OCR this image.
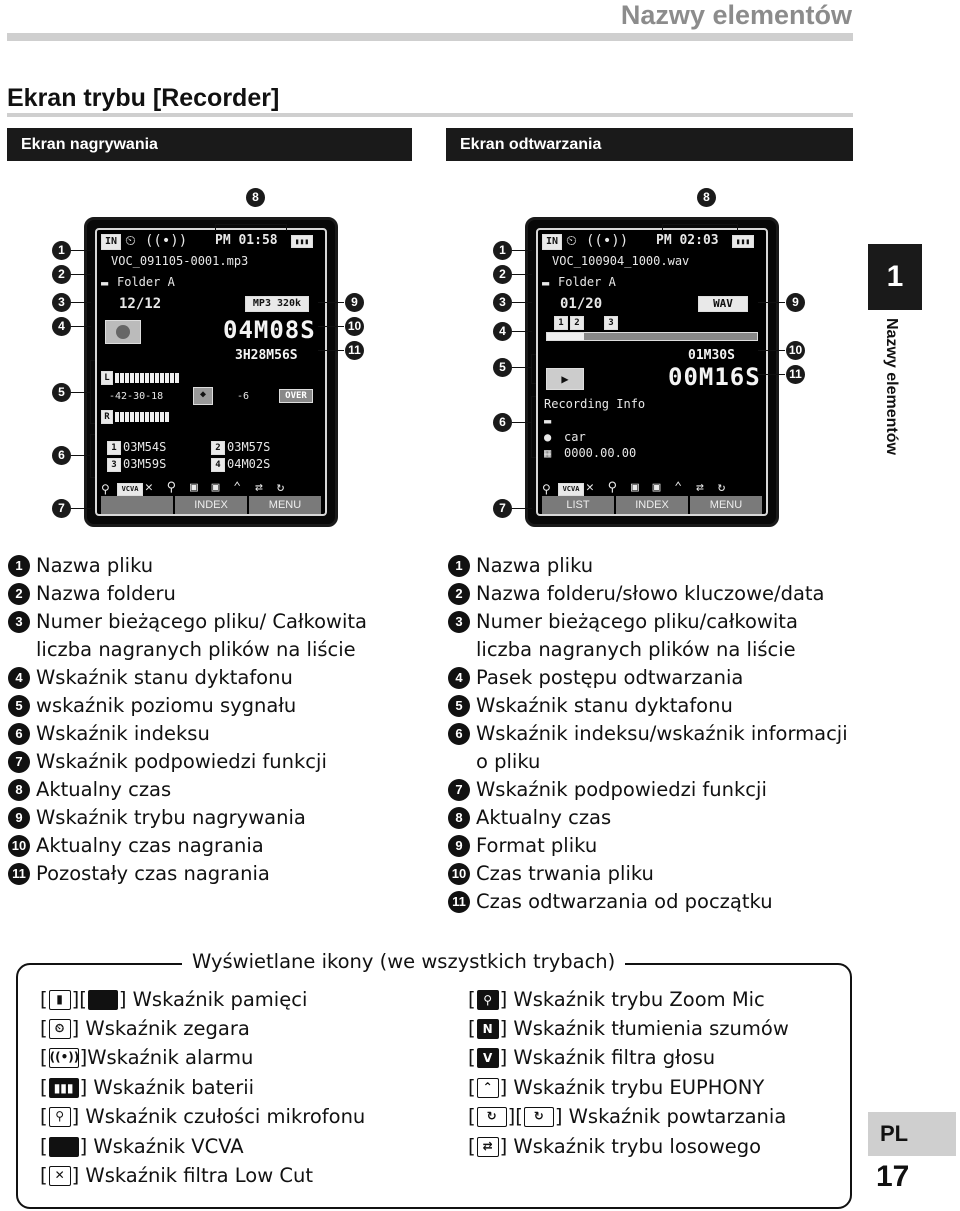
Nazwy elementów
Ekran trybu [Recorder]
Ekran nagrywania	Ekran odtwarzania
1
Nazwy elementów
IN ⏲ ((•)) PM 01:58	▮▮▮
VOC_091105-0001.mp3
▬ Folder A
12/12	MP3 320k
04M08S
3H28M56S
L
-42-30-18	◆	-6	OVER
R
1 03M54S	2 03M57S
3 03M59S	4 04M02S
⚲	VCVA ✕ ⚲ ▣ ▣ ⌃ ⇄ ↻
INDEX	MENU
8
1
2
3
4
5
6
7
9
10
11
IN ⏲ ((•)) PM 02:03	▮▮▮
VOC_100904_1000.wav
▬ Folder A
01/20	WAV
1	2	3
01M30S
▶	00M16S
Recording Info
▬
● car
▦ 0000.00.00
⚲	VCVA ✕ ⚲ ▣ ▣ ⌃ ⇄ ↻
LIST	INDEX	MENU
8
1
2
3
4
5
6
7
9
10
11
1 Nazwa pliku
2 Nazwa folderu
3 Numer bieżącego pliku/ Całkowita liczba nagranych plików na liście
4 Wskaźnik stanu dyktafonu
5 wskaźnik poziomu sygnału
6 Wskaźnik indeksu
7 Wskaźnik podpowiedzi funkcji
8 Aktualny czas
9 Wskaźnik trybu nagrywania
10 Aktualny czas nagrania
11 Pozostały czas nagrania
1 Nazwa pliku
2 Nazwa folderu/słowo kluczowe/data
3 Numer bieżącego pliku/całkowita liczba nagranych plików na liście
4 Pasek postępu odtwarzania
5 Wskaźnik stanu dyktafonu
6 Wskaźnik indeksu/wskaźnik informacji o pliku
7 Wskaźnik podpowiedzi funkcji
8 Aktualny czas
9 Format pliku
10 Czas trwania pliku
11 Czas odtwarzania od początku
Wyświetlane ikony (we wszystkich trybach)
[ ▮ ][ ] Wskaźnik pamięci
[ ⏲ ] Wskaźnik zegara
[ ((•)) ] Wskaźnik alarmu
[ ▮▮▮ ] Wskaźnik baterii
[ ⚲ ] Wskaźnik czułości mikrofonu
[ ] Wskaźnik VCVA
[ ✕ ] Wskaźnik filtra Low Cut
[ ⚲ ] Wskaźnik trybu Zoom Mic
[ N ] Wskaźnik tłumienia szumów
[ V ] Wskaźnik filtra głosu
[ ⌃ ] Wskaźnik trybu EUPHONY
[ ↻ ][ ↻ ] Wskaźnik powtarzania
[ ⇄ ] Wskaźnik trybu losowego
PL
17
